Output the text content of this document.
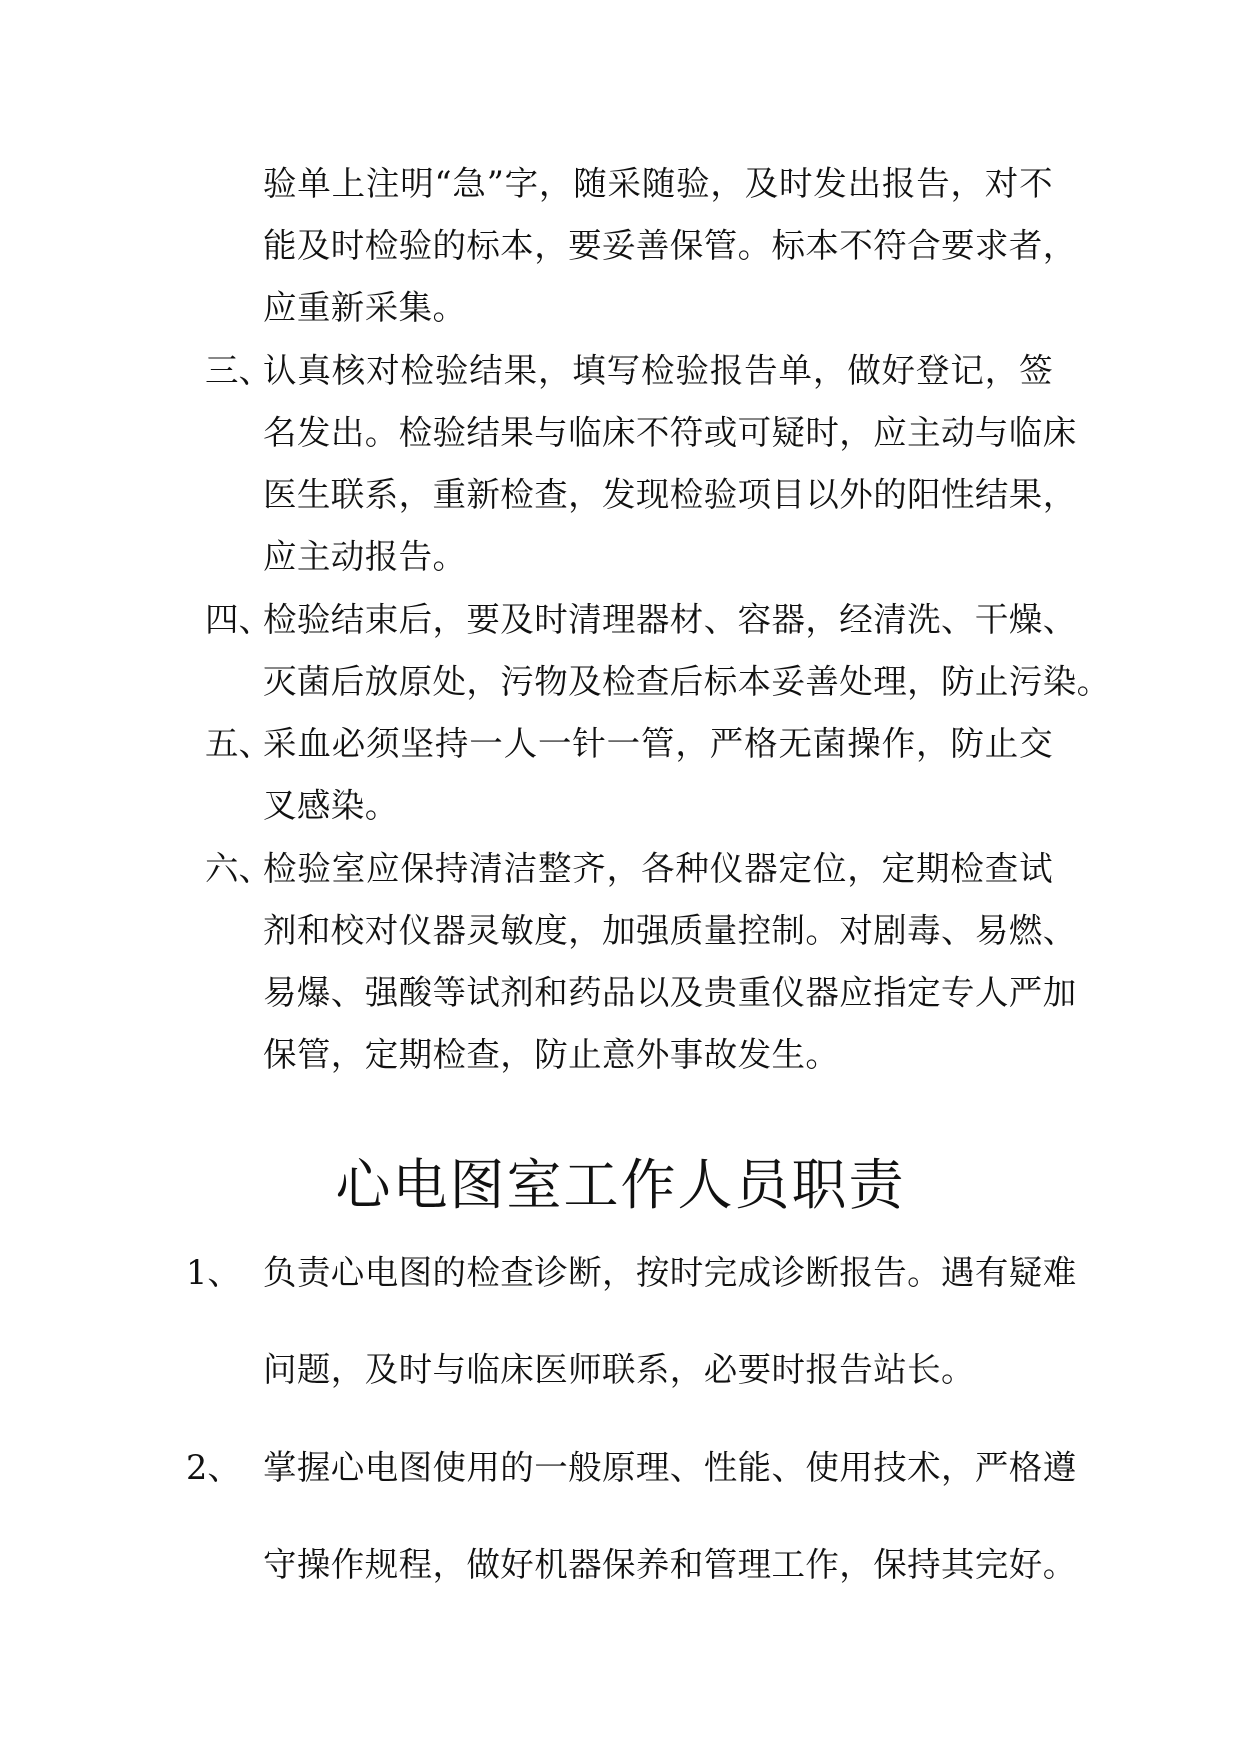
验单上注明“急”字，随采随验，及时发出报告，对不
能及时检验的标本，要妥善保管。标本不符合要求者，
应重新采集。
三、
认真核对检验结果，填写检验报告单，做好登记，签
名发出。检验结果与临床不符或可疑时，应主动与临床
医生联系，重新检查，发现检验项目以外的阳性结果，
应主动报告。
四、
检验结束后，要及时清理器材、容器，经清洗、干燥、
灭菌后放原处，污物及检查后标本妥善处理，防止污染。
五、
采血必须坚持一人一针一管，严格无菌操作，防止交
叉感染。
六、
检验室应保持清洁整齐，各种仪器定位，定期检查试
剂和校对仪器灵敏度，加强质量控制。对剧毒、易燃、
易爆、强酸等试剂和药品以及贵重仪器应指定专人严加
保管，定期检查，防止意外事故发生。
心电图室工作人员职责
1、 负责心电图的检查诊断，按时完成诊断报告。遇有疑难
问题，及时与临床医师联系，必要时报告站长。
2、 掌握心电图使用的一般原理、性能、使用技术，严格遵
守操作规程，做好机器保养和管理工作，保持其完好。
